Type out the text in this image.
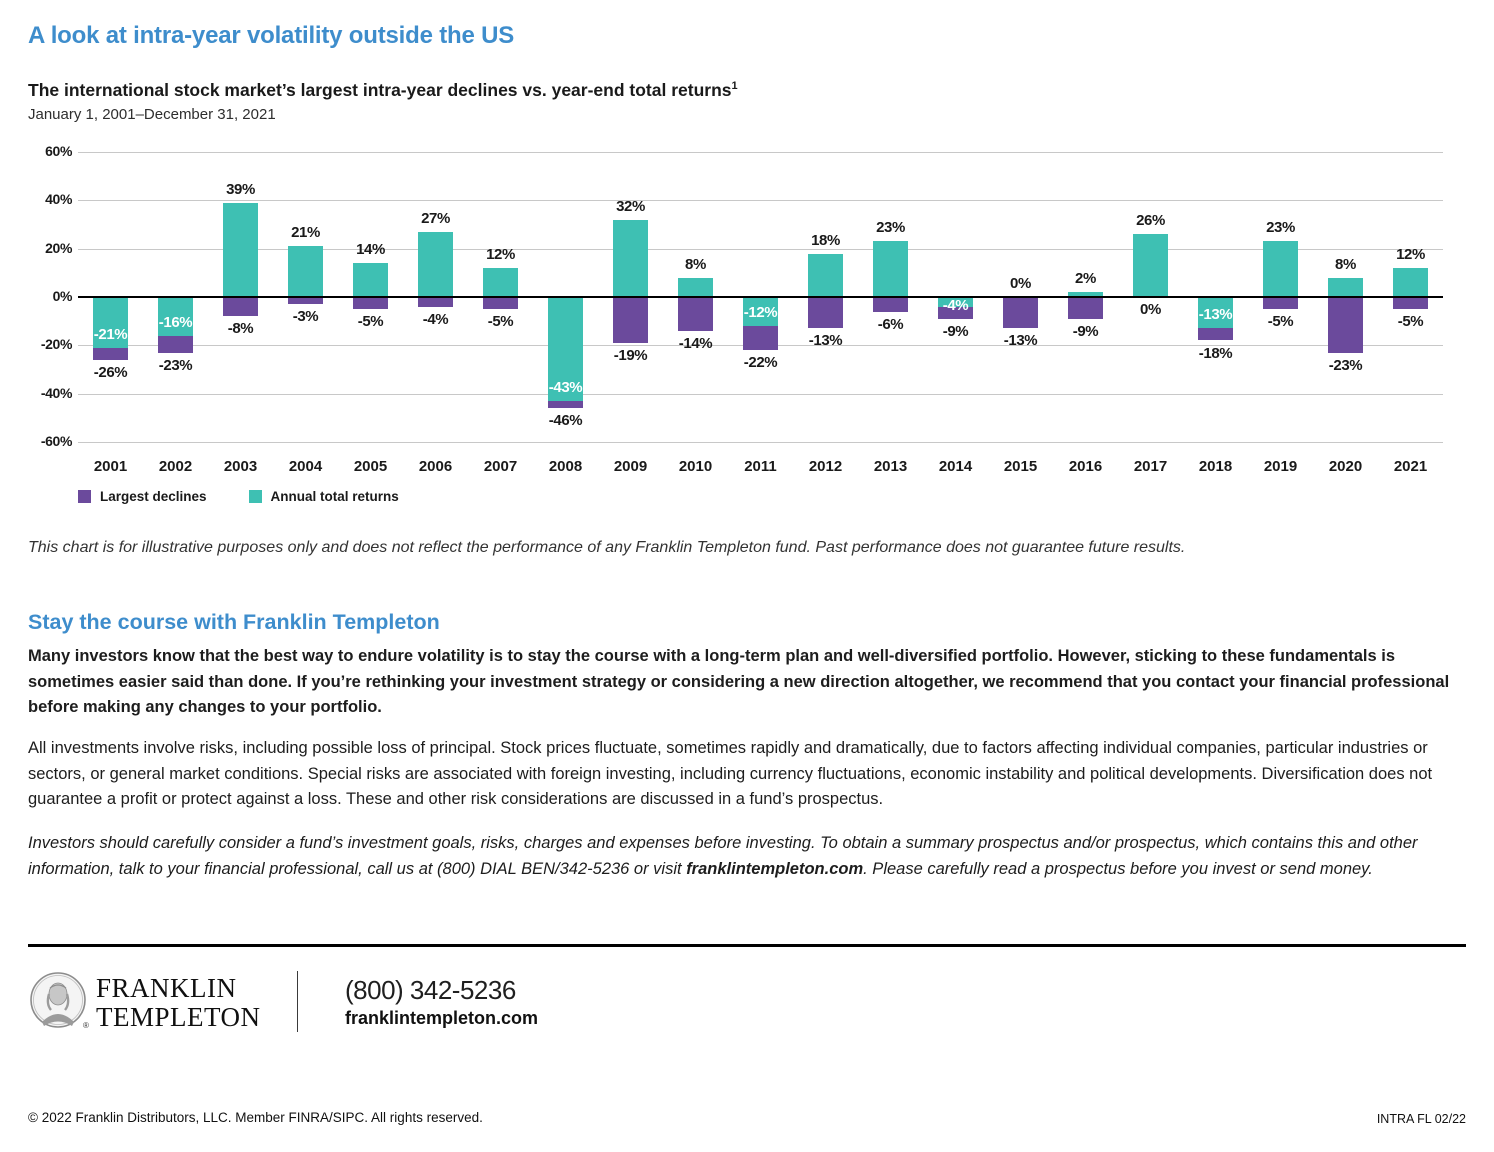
A look at intra-year volatility outside the US
The international stock market’s largest intra-year declines vs. year-end total returns$^1$
January 1, 2001–December 31, 2021
60%
40%
20%
0%
-20%
-40%
-60%
-21%
-26%
2001
-16%
-23%
2002
39%
-8%
2003
21%
-3%
2004
14%
-5%
2005
27%
-4%
2006
12%
-5%
2007
-43%
-46%
2008
32%
-19%
2009
8%
-14%
2010
-12%
-22%
2011
18%
-13%
2012
23%
-6%
2013
-4%
-9%
2014
0%
-13%
2015
2%
-9%
2016
26%
0%
2017
-13%
-18%
2018
23%
-5%
2019
8%
-23%
2020
12%
-5%
2021
Largest declines	Annual total returns
This chart is for illustrative purposes only and does not reflect the performance of any Franklin Templeton fund. Past performance does not guarantee future results.
Stay the course with Franklin Templeton
Many investors know that the best way to endure volatility is to stay the course with a long-term plan and well-diversified portfolio. However, sticking to these fundamentals is sometimes easier said than done. If you’re rethinking your investment strategy or considering a new direction altogether, we recommend that you contact your financial professional before making any changes to your portfolio.
All investments involve risks, including possible loss of principal. Stock prices fluctuate, sometimes rapidly and dramatically, due to factors affecting individual companies, particular industries or sectors, or general market conditions. Special risks are associated with foreign investing, including currency fluctuations, economic instability and political developments. Diversification does not guarantee a profit or protect against a loss. These and other risk considerations are discussed in a fund’s prospectus.
Investors should carefully consider a fund’s investment goals, risks, charges and expenses before investing. To obtain a summary prospectus and/or prospectus, which contains this and other information, talk to your financial professional, call us at (800) DIAL BEN/342-5236 or visit franklintempleton.com. Please carefully read a prospectus before you invest or send money.
®
FRANKLIN
TEMPLETON
(800) 342-5236
franklintempleton.com
© 2022 Franklin Distributors, LLC. Member FINRA/SIPC. All rights reserved.	INTRA FL 02/22
